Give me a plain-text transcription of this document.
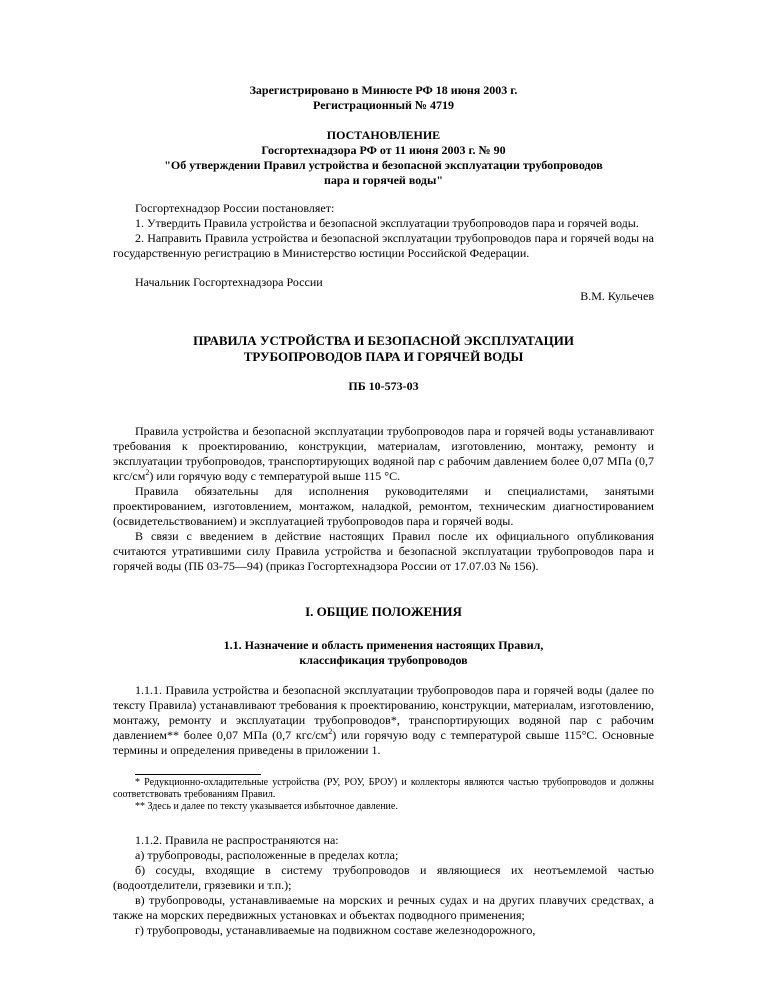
Зарегистрировано в Минюсте РФ 18 июня 2003 г.

Регистрационный № 4719

ПОСТАНОВЛЕНИЕ

Госгортехнадзора РФ от 11 июня 2003 г. № 90

"Об утверждении Правил устройства и безопасной эксплуатации трубопроводов

пара и горячей воды"

Госгортехнадзор России постановляет:

1. Утвердить Правила устройства и безопасной эксплуатации трубопроводов пара и горячей воды.

2. Направить Правила устройства и безопасной эксплуатации трубопроводов пара и горячей воды на государственную регистрацию в Министерство юстиции Российской Федерации.

Начальник Госгортехнадзора России
В.М. Кульечев

ПРАВИЛА УСТРОЙСТВА И БЕЗОПАСНОЙ ЭКСПЛУАТАЦИИ

ТРУБОПРОВОДОВ ПАРА И ГОРЯЧЕЙ ВОДЫ

ПБ 10-573-03

Правила устройства и безопасной эксплуатации трубопроводов пара и горячей воды устанавливают требования к проектированию, конструкции, материалам, изготовлению, монтажу, ремонту и эксплуатации трубопроводов, транспортирующих водяной пар с рабочим давлением более 0,07 МПа (0,7 кгс/$см^2$) или горячую воду с температурой выше 115 °С.

Правила обязательны для исполнения руководителями и специалистами, занятыми проектированием, изготовлением, монтажом, наладкой, ремонтом, техническим диагностированием (освидетельствованием) и эксплуатацией трубопроводов пара и горячей воды.

В связи с введением в действие настоящих Правил после их официального опубликования считаются утратившими силу Правила устройства и безопасной эксплуатации трубопроводов пара и горячей воды (ПБ 03-75—94) (приказ Госгортехнадзора России от 17.07.03 № 156).

I. ОБЩИЕ ПОЛОЖЕНИЯ

1.1. Назначение и область применения настоящих Правил,

классификация трубопроводов

1.1.1. Правила устройства и безопасной эксплуатации трубопроводов пара и горячей воды (далее по тексту Правила) устанавливают требования к проектированию, конструкции, материалам, изготовлению, монтажу, ремонту и эксплуатации трубопроводов*, транспортирующих водяной пар с рабочим давлением** более 0,07 МПа (0,7 кгс/$см^2$) или горячую воду с температурой свыше 115°С. Основные термины и определения приведены в приложении 1.

* Редукционно-охладительные устройства (РУ, РОУ, БРОУ) и коллекторы являются частью трубопроводов и должны соответствовать требованиям Правил.

** Здесь и далее по тексту указывается избыточное давление.

1.1.2. Правила не распространяются на:

а) трубопроводы, расположенные в пределах котла;

б) сосуды, входящие в систему трубопроводов и являющиеся их неотъемлемой частью (водоотделители, грязевики и т.п.);

в) трубопроводы, устанавливаемые на морских и речных судах и на других плавучих средствах, а также на морских передвижных установках и объектах подводного применения;

г) трубопроводы, устанавливаемые на подвижном составе железнодорожного,
